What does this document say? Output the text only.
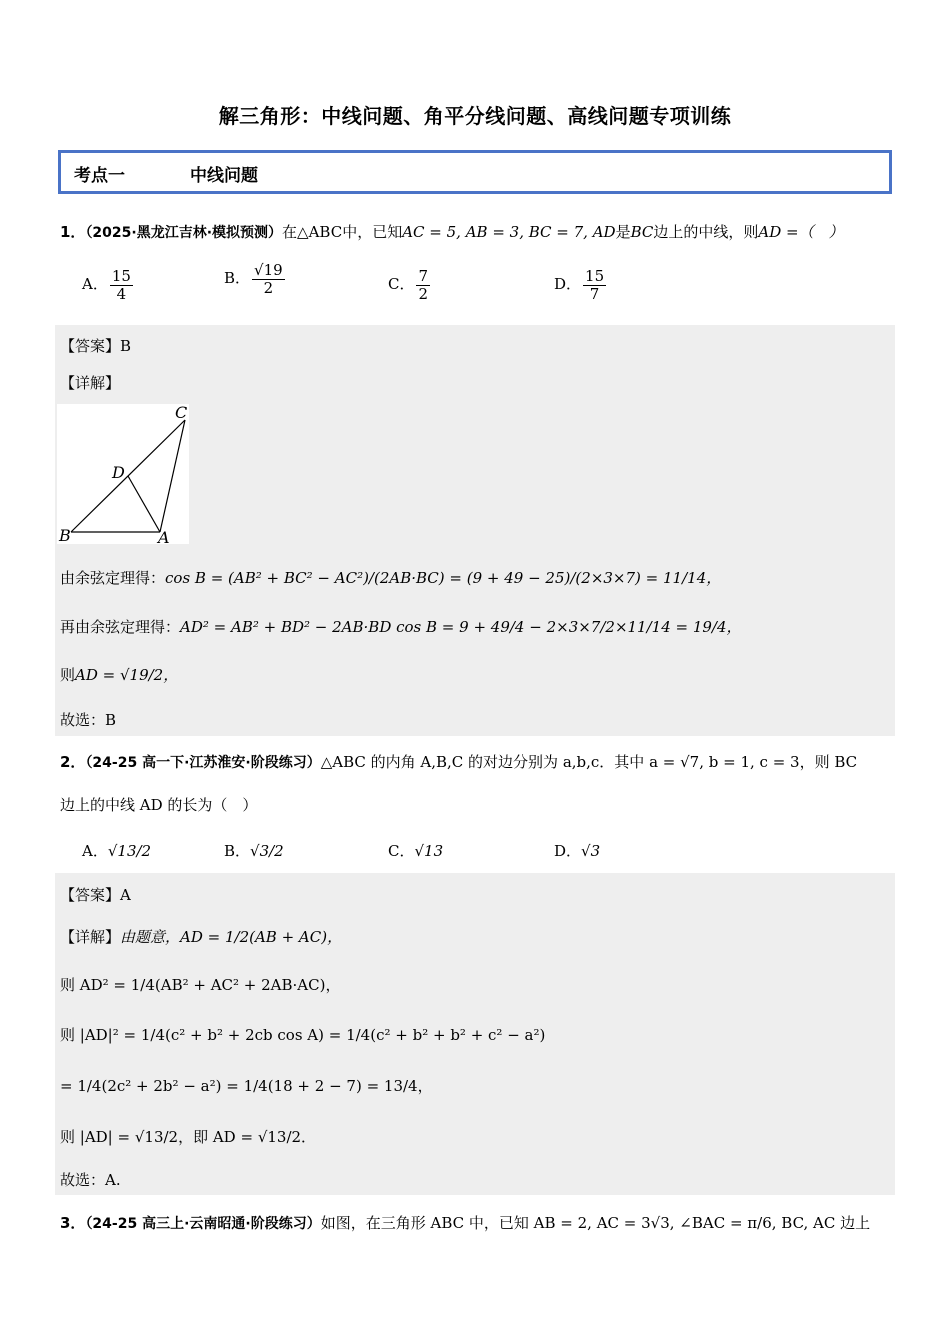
解三角形：中线问题、角平分线问题、高线问题专项训练
考点一	中线问题
1．（2025·黑龙江吉林·模拟预测）在△ABC中，已知AC = 5, AB = 3, BC = 7, AD是BC边上的中线，则AD =（　）
A． $\frac{15}{4}$	B． $\frac{√19}{2}$	C． $\frac{7}{2}$	D． $\frac{15}{7}$
【答案】B
【详解】
C
D
B	A
由余弦定理得：cos B = (AB² + BC² − AC²)/(2AB·BC) = (9 + 49 − 25)/(2×3×7) = 11/14，
再由余弦定理得：AD² = AB² + BD² − 2AB·BD cos B = 9 + 49/4 − 2×3×7/2×11/14 = 19/4，
则AD = √19/2，
故选：B
2．（24-25 高一下·江苏淮安·阶段练习）△ABC 的内角 A,B,C 的对边分别为 a,b,c．其中 a = √7, b = 1, c = 3，则 BC
边上的中线 AD 的长为（　）
A．√13/2	B．√3/2	C．√13	D．√3
【答案】A
【详解】由题意，AD = 1/2(AB + AC)，
则 AD² = 1/4(AB² + AC² + 2AB·AC)，
则 |AD|² = 1/4(c² + b² + 2cb cos A) = 1/4(c² + b² + b² + c² − a²)
= 1/4(2c² + 2b² − a²) = 1/4(18 + 2 − 7) = 13/4，
则 |AD| = √13/2，即 AD = √13/2．
故选：A.
3．（24-25 高三上·云南昭通·阶段练习）如图，在三角形 ABC 中，已知 AB = 2, AC = 3√3, ∠BAC = π/6, BC, AC 边上
